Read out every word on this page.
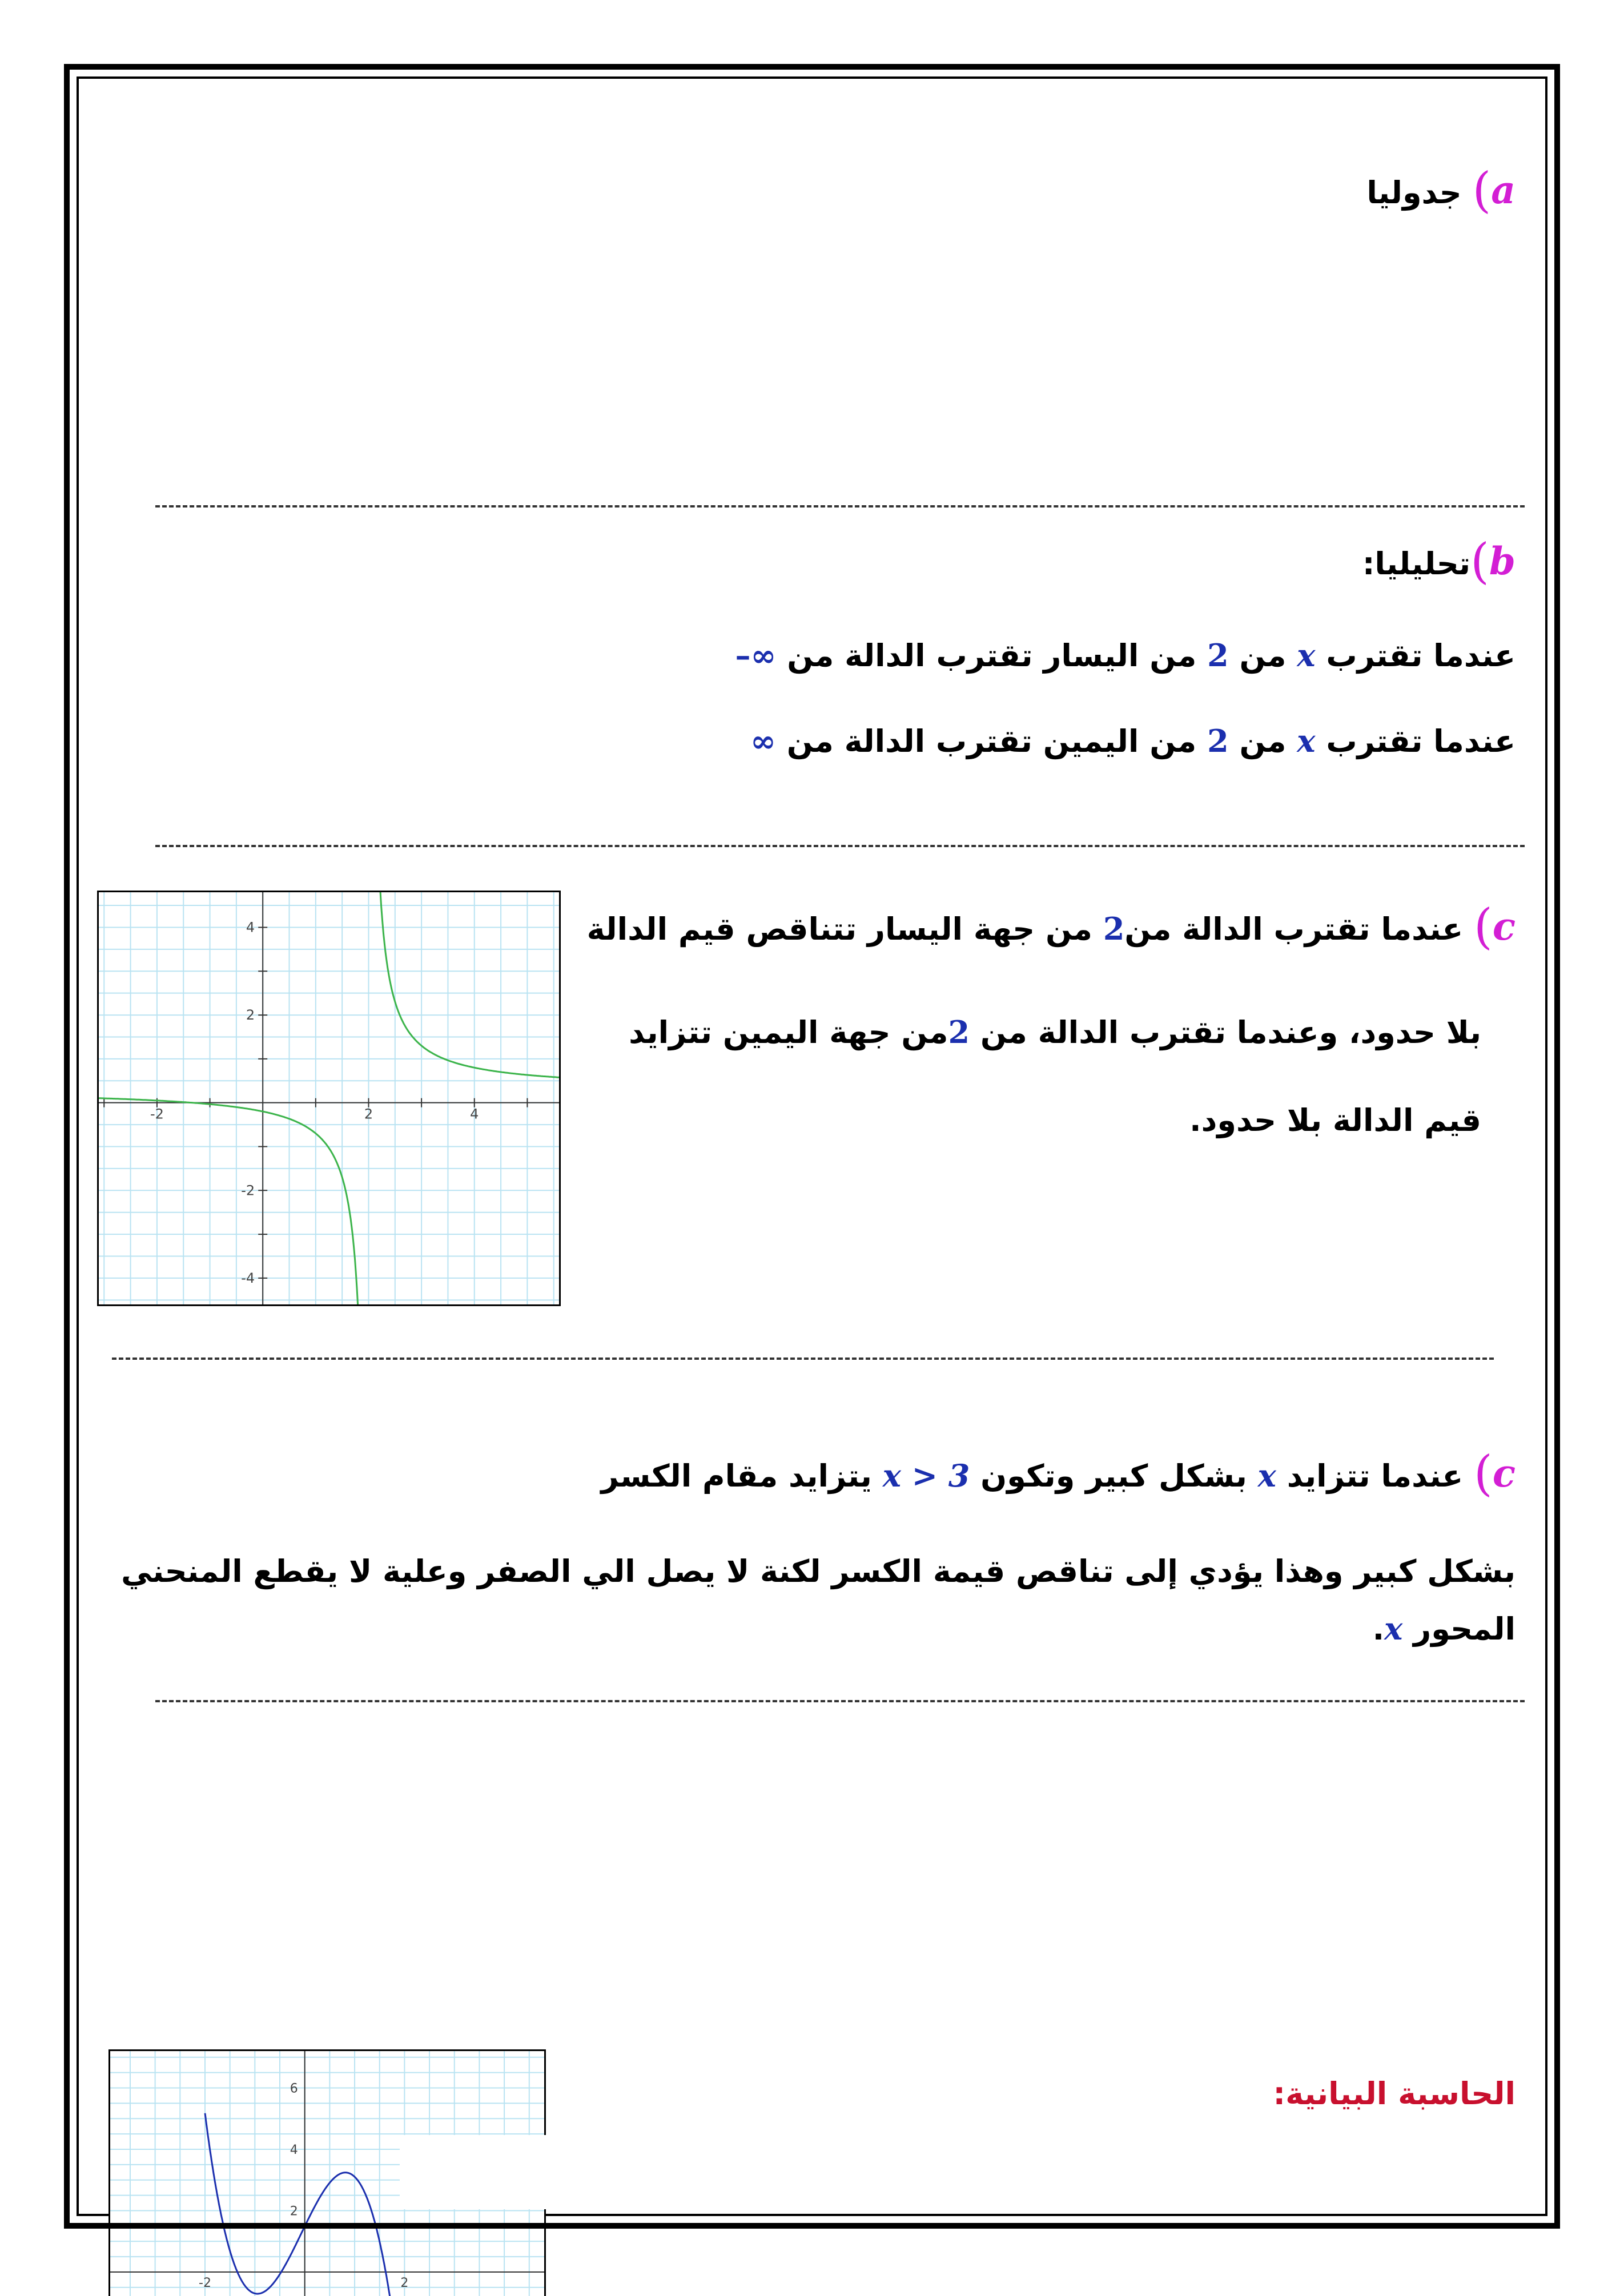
a) جدوليا
b)تحليليا:
عندما تقترب x من 2 من اليسار تقترب الدالة من ∞–
عندما تقترب x من 2 من اليمين تقترب الدالة من ∞
-2	2	4
4
2
-2
-4
c) عندما تقترب الدالة من2 من جهة اليسار تتناقص قيم الدالة
بلا حدود، وعندما تقترب الدالة من 2من جهة اليمين تتزايد
قيم الدالة بلا حدود.
c) عندما تتزايد x بشكل كبير وتكون x > 3 يتزايد مقام الكسر
بشكل كبير وهذا يؤدي إلى تناقص قيمة الكسر لكنة لا يصل الي الصفر وعلية لا يقطع المنحني
المحور x.
الحاسبة البيانية:
-2	2
6
4
2
